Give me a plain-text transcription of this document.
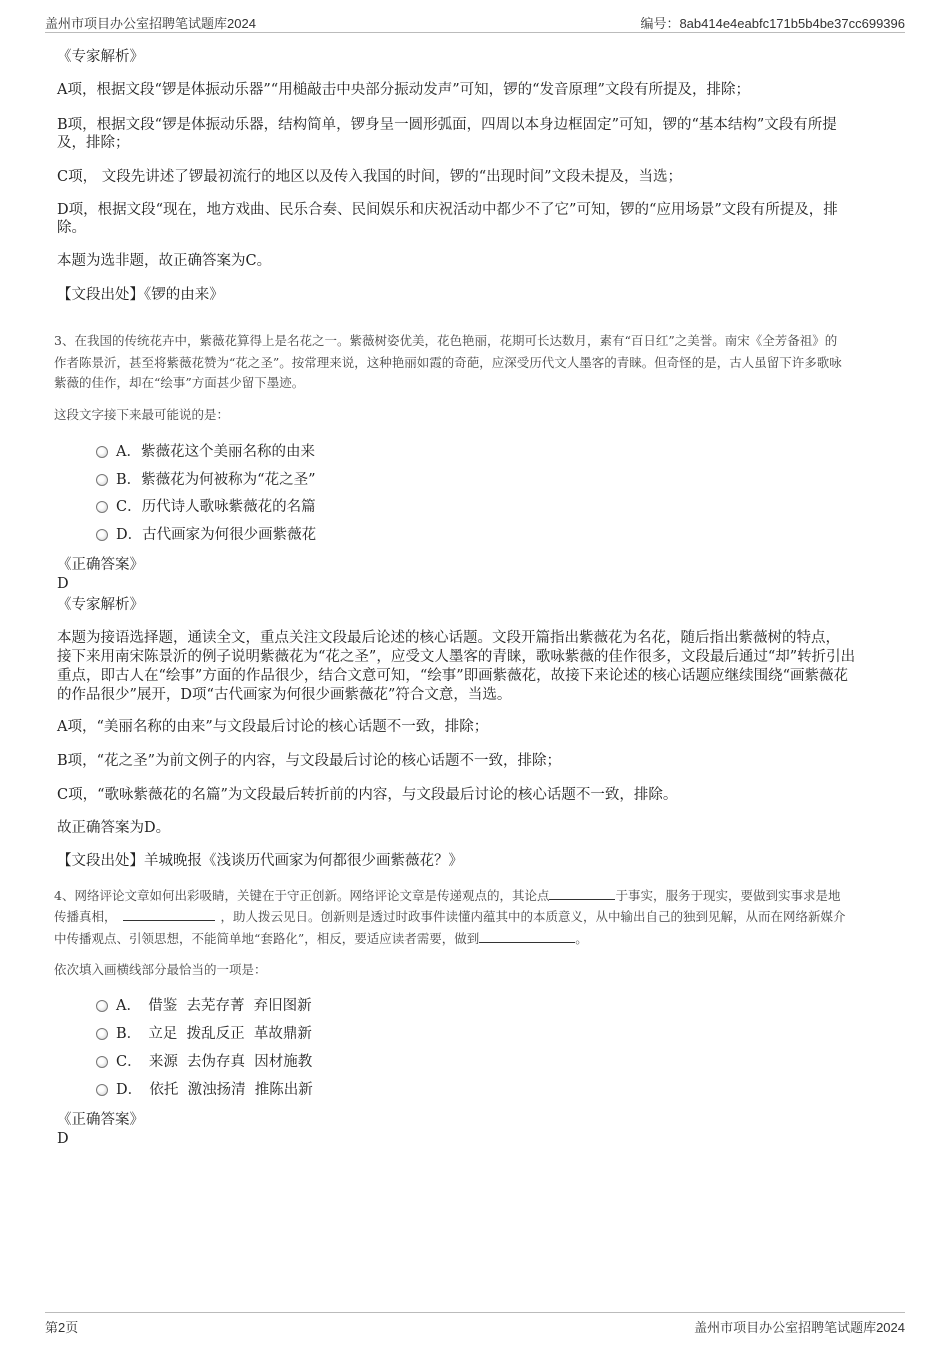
盖州市项目办公室招聘笔试题库2024	编号：8ab414e4eabfc171b5b4be37cc699396
《专家解析》
A项，根据文段“锣是体振动乐器”“用槌敲击中央部分振动发声”可知，锣的“发音原理”文段有所提及，排除；
B项，根据文段“锣是体振动乐器，结构简单，锣身呈一圆形弧面，四周以本身边框固定”可知，锣的“基本结构”文段有所提
及，排除；
C项， 文段先讲述了锣最初流行的地区以及传入我国的时间，锣的“出现时间”文段未提及，当选；
D项，根据文段“现在，地方戏曲、民乐合奏、民间娱乐和庆祝活动中都少不了它”可知，锣的“应用场景”文段有所提及，排
除。
本题为选非题，故正确答案为C。
【文段出处】《锣的由来》
3、在我国的传统花卉中，紫薇花算得上是名花之一。紫薇树姿优美，花色艳丽，花期可长达数月，素有“百日红”之美誉。南宋《全芳备祖》的
作者陈景沂，甚至将紫薇花赞为“花之圣”。按常理来说，这种艳丽如霞的奇葩，应深受历代文人墨客的青睐。但奇怪的是，古人虽留下许多歌咏
紫薇的佳作，却在“绘事”方面甚少留下墨迹。
这段文字接下来最可能说的是：
A．紫薇花这个美丽名称的由来
B．紫薇花为何被称为“花之圣”
C．历代诗人歌咏紫薇花的名篇
D．古代画家为何很少画紫薇花
《正确答案》
D
《专家解析》
本题为接语选择题，通读全文，重点关注文段最后论述的核心话题。文段开篇指出紫薇花为名花，随后指出紫薇树的特点，
接下来用南宋陈景沂的例子说明紫薇花为“花之圣”，应受文人墨客的青睐，歌咏紫薇的佳作很多，文段最后通过“却”转折引出
重点，即古人在“绘事”方面的作品很少，结合文意可知，“绘事”即画紫薇花，故接下来论述的核心话题应继续围绕“画紫薇花
的作品很少”展开，D项“古代画家为何很少画紫薇花”符合文意，当选。
A项，“美丽名称的由来”与文段最后讨论的核心话题不一致，排除；
B项，“花之圣”为前文例子的内容，与文段最后讨论的核心话题不一致，排除；
C项，“歌咏紫薇花的名篇”为文段最后转折前的内容，与文段最后讨论的核心话题不一致，排除。
故正确答案为D。
【文段出处】羊城晚报《浅谈历代画家为何都很少画紫薇花？》
4、网络评论文章如何出彩吸睛，关键在于守正创新。网络评论文章是传递观点的，其论点	于事实，服务于现实，要做到实事求是地
传播真相，	，助人拨云见日。创新则是透过时政事件读懂内蕴其中的本质意义，从中输出自己的独到见解，从而在网络新媒介
中传播观点、引领思想，不能简单地“套路化”，相反，要适应读者需要，做到	。
依次填入画横线部分最恰当的一项是：
A．　借鉴  去芜存菁  弃旧图新
B．　立足  拨乱反正  革故鼎新
C．　来源  去伪存真  因材施教
D．　依托  激浊扬清  推陈出新
《正确答案》
D
第2页	盖州市项目办公室招聘笔试题库2024
